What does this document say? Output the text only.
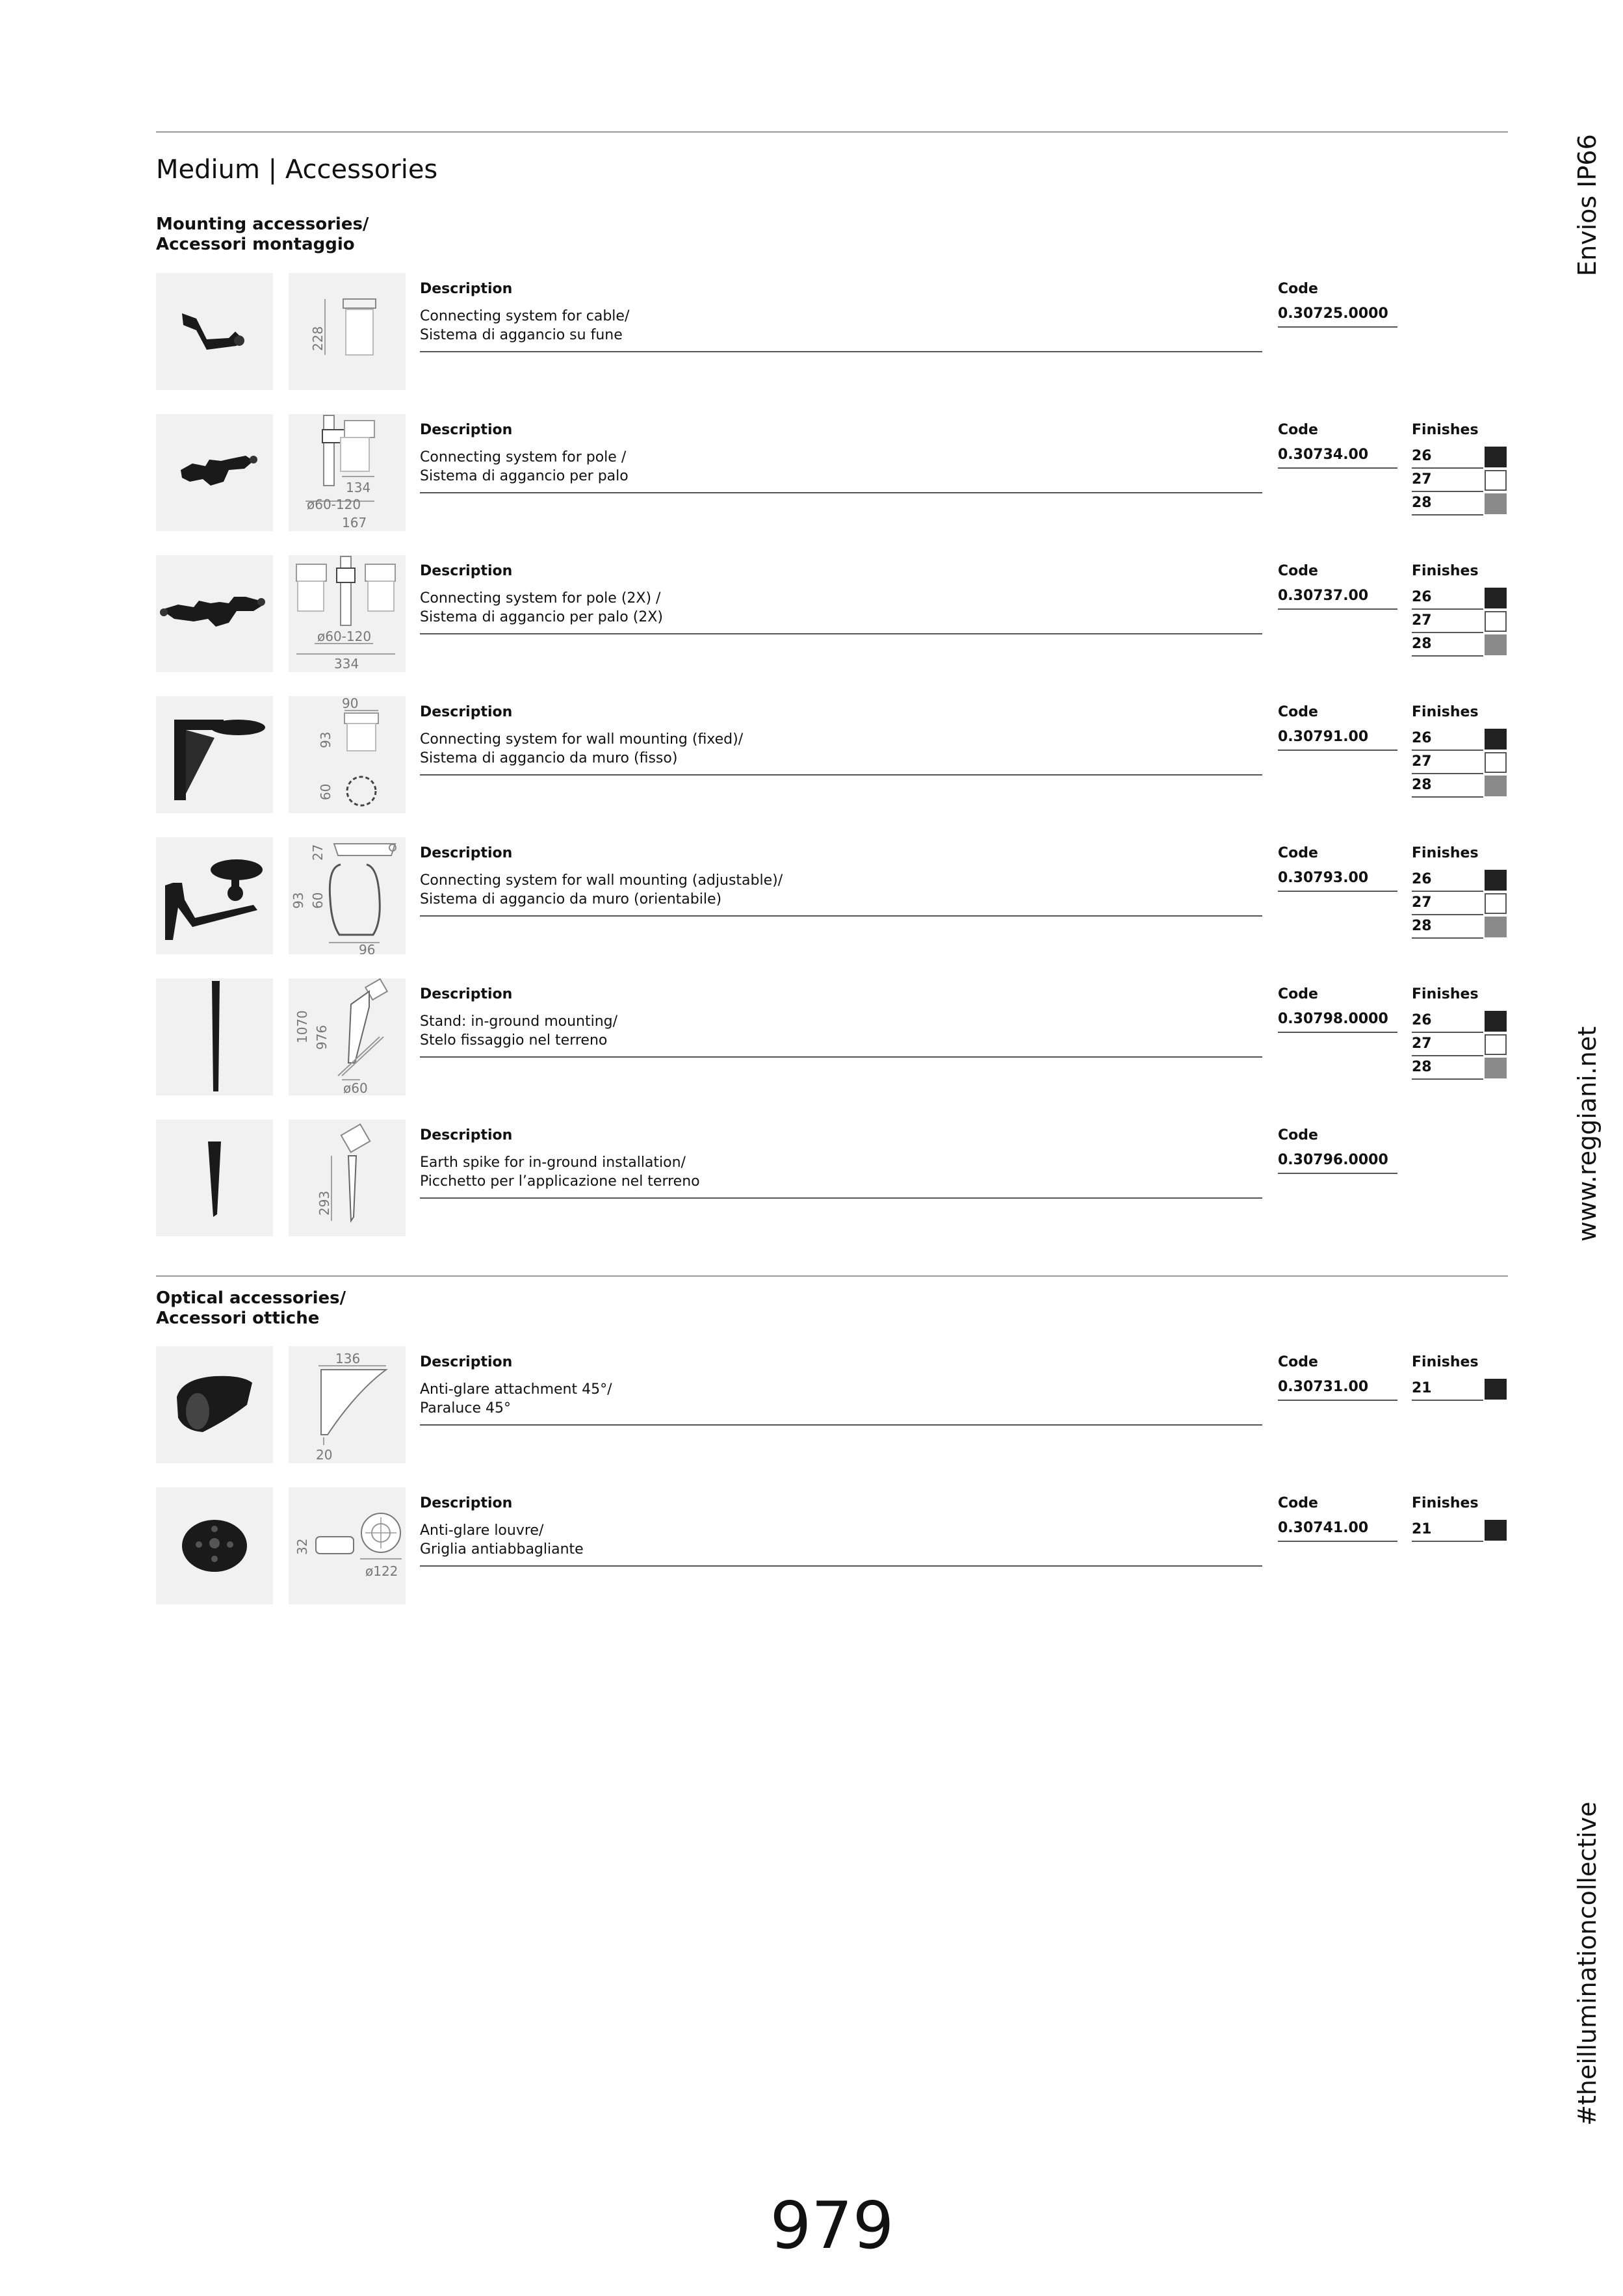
Medium | Accessories	Envios IP66
www.reggiani.net
#theilluminationcollective
Mounting accessories/
Accessori montaggio
228
Description
Connecting system for cable/
Sistema di aggancio su fune
Code
0.30725.0000
134
ø60-120
167
Description
Connecting system for pole /
Sistema di aggancio per palo
Code
0.30734.00
Finishes
26
27
28
ø60-120
334
Description
Connecting system for pole (2X) /
Sistema di aggancio per palo (2X)
Code
0.30737.00
Finishes
26
27
28
90
93
60
Description
Connecting system for wall mounting (fixed)/
Sistema di aggancio da muro (fisso)
Code
0.30791.00
Finishes
26
27
28
27
93 60
96
Description
Connecting system for wall mounting (adjustable)/
Sistema di aggancio da muro (orientabile)
Code
0.30793.00
Finishes
26
27
28
1070 976
ø60
Description
Stand: in-ground mounting/
Stelo fissaggio nel terreno
Code
0.30798.0000
Finishes
26
27
28
293
Description
Earth spike for in-ground installation/
Picchetto per l’applicazione nel terreno
Code
0.30796.0000
Optical accessories/
Accessori ottiche
136
20
Description
Anti-glare attachment 45°/
Paraluce 45°
Code
0.30731.00
Finishes
21
32
ø122
Description
Anti-glare louvre/
Griglia antiabbagliante
Code
0.30741.00
Finishes
21
979
